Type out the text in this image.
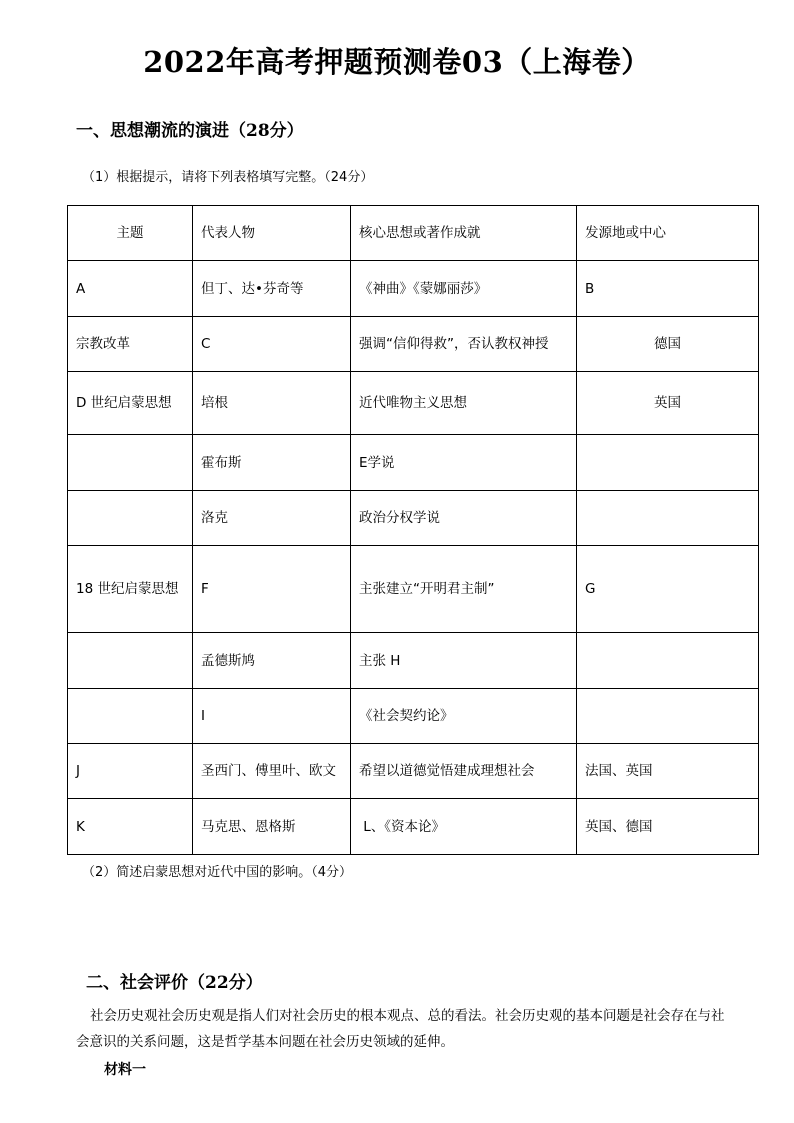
2022年高考押题预测卷03（上海卷）
一、思想潮流的演进（28分）
（1）根据提示，请将下列表格填写完整。（24分）
主题	代表人物	核心思想或著作成就	发源地或中心
A	但丁、达•芬奇等	《神曲》《蒙娜丽莎》	B
宗教改革	C	强调“信仰得救”，否认教权神授	德国
D 世纪启蒙思想	培根	近代唯物主义思想	英国
	霍布斯	E学说	
	洛克	政治分权学说	
18 世纪启蒙思想	F	主张建立“开明君主制”	G
	孟德斯鸠	主张 H	
	I	《社会契约论》	
J	圣西门、傅里叶、欧文	希望以道德觉悟建成理想社会	法国、英国
K	马克思、恩格斯	L、《资本论》	英国、德国
（2）简述启蒙思想对近代中国的影响。（4分）
二、社会评价（22分）
社会历史观社会历史观是指人们对社会历史的根本观点、总的看法。社会历史观的基本问题是社会存在与社会意识的关系问题，这是哲学基本问题在社会历史领域的延伸。
材料一
